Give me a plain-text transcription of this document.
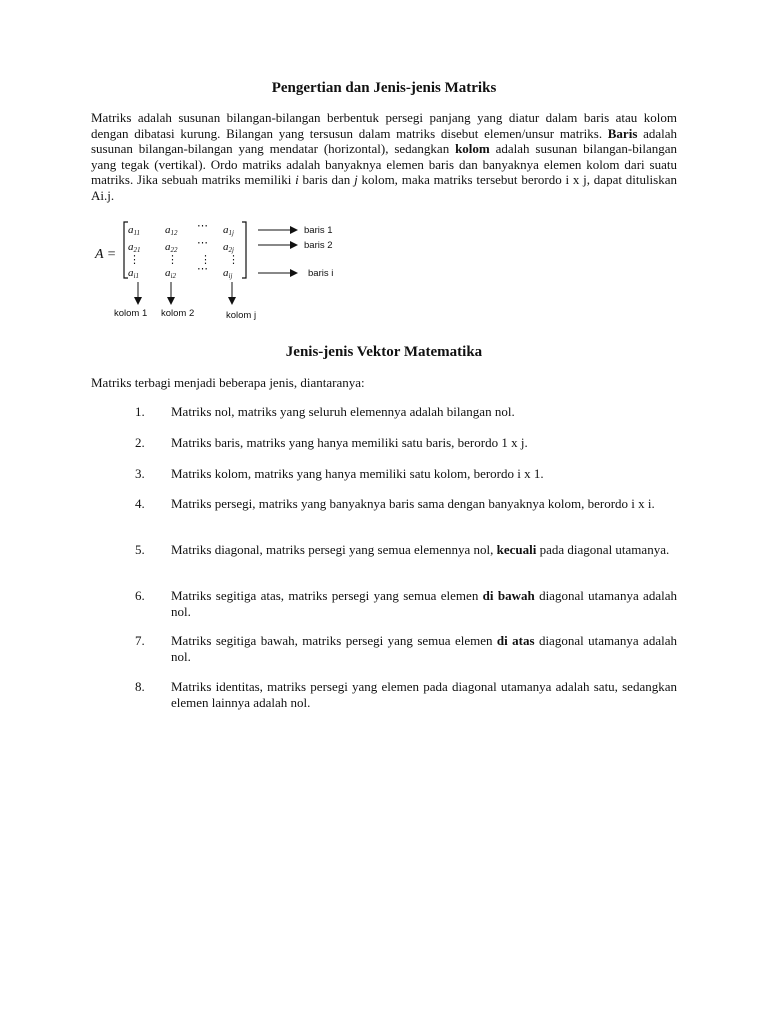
Pengertian dan Jenis-jenis Matriks

Matriks adalah susunan bilangan-bilangan berbentuk persegi panjang yang diatur dalam baris atau kolom dengan dibatasi kurung. Bilangan yang tersusun dalam matriks disebut elemen/unsur matriks. Baris adalah susunan bilangan-bilangan yang mendatar (horizontal), sedangkan kolom adalah susunan bilangan-bilangan yang tegak (vertikal). Ordo matriks adalah banyaknya elemen baris dan banyaknya elemen kolom dari suatu matriks. Jika sebuah matriks memiliki i baris dan j kolom, maka matriks tersebut berordo i x j, dapat dituliskan Ai.j.

A =
a11 a12 ⋯ a1j
a21 a22 ⋯ a2j
⋮ ⋮ ⋮ ⋮
ai1 ai2 ⋯ aij
baris 1
baris 2
baris i
kolom 1 kolom 2	kolom j
Jenis-jenis Vektor Matematika

Matriks terbagi menjadi beberapa jenis, diantaranya:

1.	Matriks nol, matriks yang seluruh elemennya adalah bilangan nol.
2.	Matriks baris, matriks yang hanya memiliki satu baris, berordo 1 x j.
3.	Matriks kolom, matriks yang hanya memiliki satu kolom, berordo i x 1.
4.	Matriks persegi, matriks yang banyaknya baris sama dengan banyaknya kolom, berordo i x i.
5.	Matriks diagonal, matriks persegi yang semua elemennya nol, kecuali pada diagonal utamanya.
6.	Matriks segitiga atas, matriks persegi yang semua elemen di bawah diagonal utamanya adalah nol.
7.	Matriks segitiga bawah, matriks persegi yang semua elemen di atas diagonal utamanya adalah nol.
8.	Matriks identitas, matriks persegi yang elemen pada diagonal utamanya adalah satu, sedangkan elemen lainnya adalah nol.
